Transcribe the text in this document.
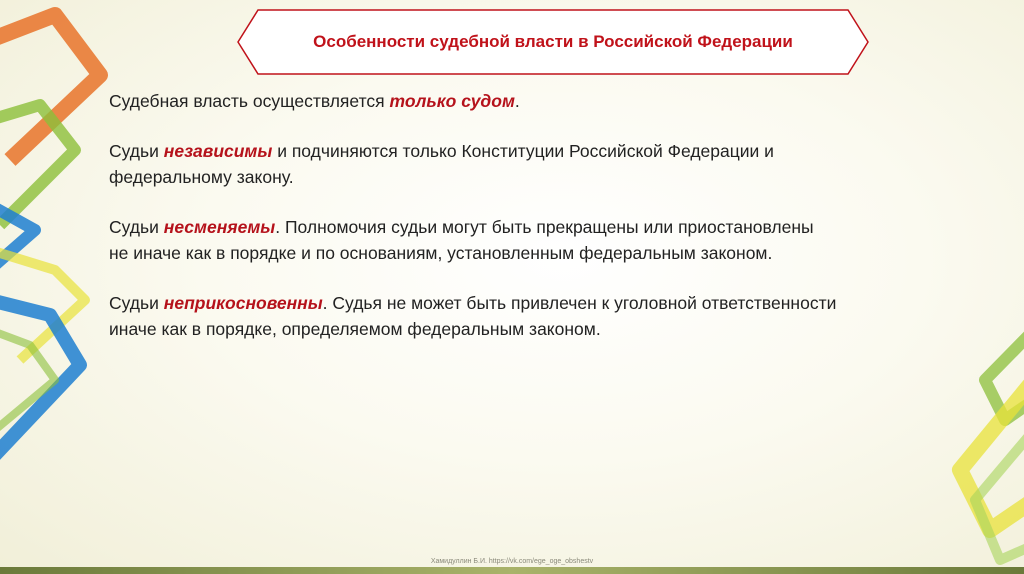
Особенности судебной власти в Российской Федерации
Судебная власть осуществляется только судом.
Судьи независимы и подчиняются только Конституции Российской Федерации и
федеральному закону.
Судьи несменяемы. Полномочия судьи могут быть прекращены или приостановлены
не иначе как в порядке и по основаниям, установленным федеральным законом.
Судьи неприкосновенны. Судья не может быть привлечен к уголовной ответственности
иначе как в порядке, определяемом федеральным законом.
Хамидуллин Б.И. https://vk.com/ege_oge_obshestv
